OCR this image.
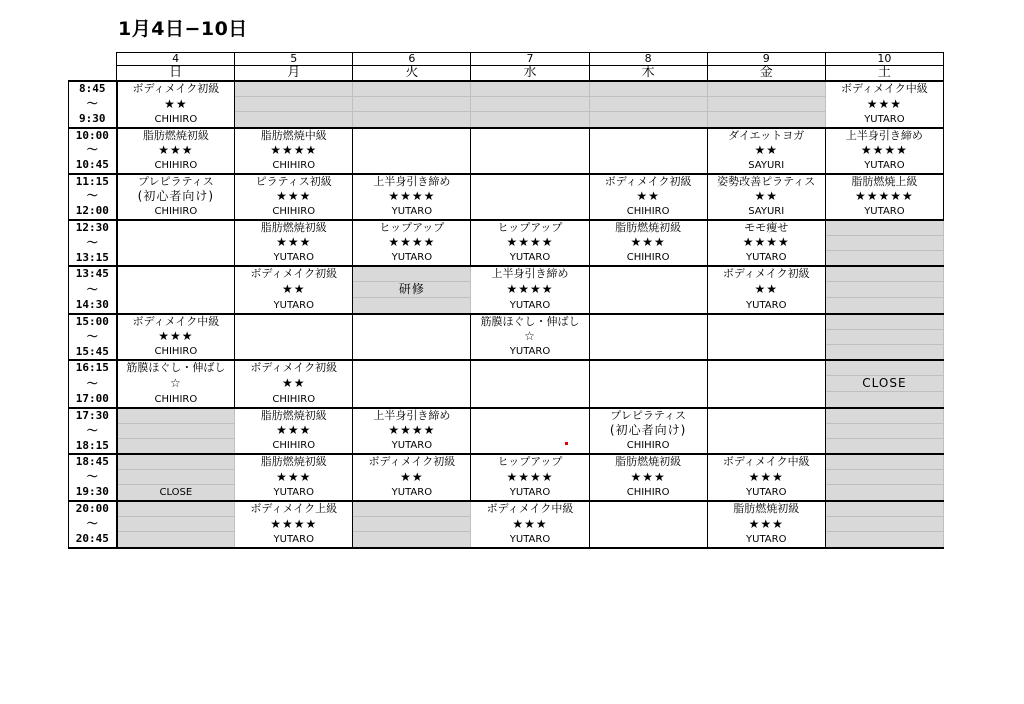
1月4日−10日
	4	5	6	7	8	9	10
	日	月	火	水	木	金	土
8:45	ボディメイク初級						ボディメイク中級
～	★★						★★★
9:30	CHIHIRO						YUTARO
10:00	脂肪燃焼初級	脂肪燃焼中級				ダイエットヨガ	上半身引き締め
～	★★★	★★★★				★★	★★★★
10:45	CHIHIRO	CHIHIRO				SAYURI	YUTARO
11:15	プレピラティス	ピラティス初級	上半身引き締め		ボディメイク初級	姿勢改善ピラティス	脂肪燃焼上級
～	(初心者向け)	★★★	★★★★		★★	★★	★★★★★
12:00	CHIHIRO	CHIHIRO	YUTARO		CHIHIRO	SAYURI	YUTARO
12:30		脂肪燃焼初級	ヒップアップ	ヒップアップ	脂肪燃焼初級	モモ痩せ	
～		★★★	★★★★	★★★★	★★★	★★★★	
13:15		YUTARO	YUTARO	YUTARO	CHIHIRO	YUTARO	
13:45		ボディメイク初級		上半身引き締め		ボディメイク初級	
～		★★	研修	★★★★		★★	
14:30		YUTARO		YUTARO		YUTARO	
15:00	ボディメイク中級			筋膜ほぐし・伸ばし			
～	★★★			☆			
15:45	CHIHIRO			YUTARO			
16:15	筋膜ほぐし・伸ばし	ボディメイク初級					
～	☆	★★					CLOSE
17:00	CHIHIRO	CHIHIRO					
17:30		脂肪燃焼初級	上半身引き締め		プレピラティス		
～		★★★	★★★★		(初心者向け)		
18:15		CHIHIRO	YUTARO		CHIHIRO		
18:45		脂肪燃焼初級	ボディメイク初級	ヒップアップ	脂肪燃焼初級	ボディメイク中級	
～		★★★	★★	★★★★	★★★	★★★	
19:30	CLOSE	YUTARO	YUTARO	YUTARO	CHIHIRO	YUTARO	
20:00		ボディメイク上級		ボディメイク中級		脂肪燃焼初級	
～		★★★★		★★★		★★★	
20:45		YUTARO		YUTARO		YUTARO	
